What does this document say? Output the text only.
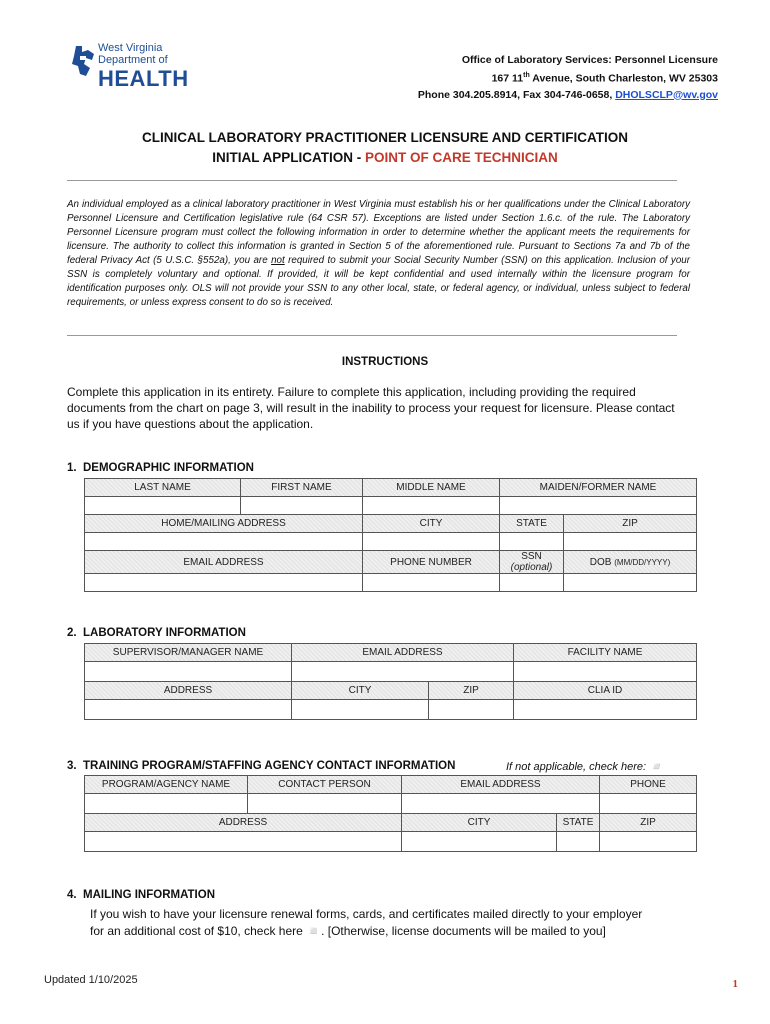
West Virginia
Department of
HEALTH
Office of Laboratory Services: Personnel Licensure
167 11th Avenue, South Charleston, WV 25303
Phone 304.205.8914, Fax 304-746-0658, DHOLSCLP@wv.gov
CLINICAL LABORATORY PRACTITIONER LICENSURE AND CERTIFICATION
INITIAL APPLICATION - POINT OF CARE TECHNICIAN
An individual employed as a clinical laboratory practitioner in West Virginia must establish his or her qualifications under the Clinical Laboratory Personnel Licensure and Certification legislative rule (64 CSR 57). Exceptions are listed under Section 1.6.c. of the rule. The Laboratory Personnel Licensure program must collect the following information in order to determine whether the applicant meets the requirements for licensure. The authority to collect this information is granted in Section 5 of the aforementioned rule. Pursuant to Sections 7a and 7b of the federal Privacy Act (5 U.S.C. §552a), you are not required to submit your Social Security Number (SSN) on this application. Inclusion of your SSN is completely voluntary and optional. If provided, it will be kept confidential and used internally within the licensure program for identification purposes only. OLS will not provide your SSN to any other local, state, or federal agency, or individual, unless subject to federal requirements, or unless express consent to do so is received.
INSTRUCTIONS
Complete this application in its entirety. Failure to complete this application, including providing the required documents from the chart on page 3, will result in the inability to process your request for licensure. Please contact us if you have questions about the application.
1. DEMOGRAPHIC INFORMATION
LAST NAME	FIRST NAME	MIDDLE NAME	MAIDEN/FORMER NAME	

HOME/MAILING ADDRESS		CITY	STATE	ZIP

EMAIL ADDRESS		PHONE NUMBER	SSN (optional)	DOB (MM/DD/YYYY)

2. LABORATORY INFORMATION
SUPERVISOR/MANAGER NAME	EMAIL ADDRESS		FACILITY NAME

ADDRESS	CITY	ZIP	CLIA ID

3. TRAINING PROGRAM/STAFFING AGENCY CONTACT INFORMATION	If not applicable, check here: ◽
PROGRAM/AGENCY NAME	CONTACT PERSON	EMAIL ADDRESS		PHONE

ADDRESS		CITY	STATE	ZIP

4. MAILING INFORMATION
If you wish to have your licensure renewal forms, cards, and certificates mailed directly to your employer
for an additional cost of $10, check here ◽. [Otherwise, license documents will be mailed to you]
Updated 1/10/2025	1
